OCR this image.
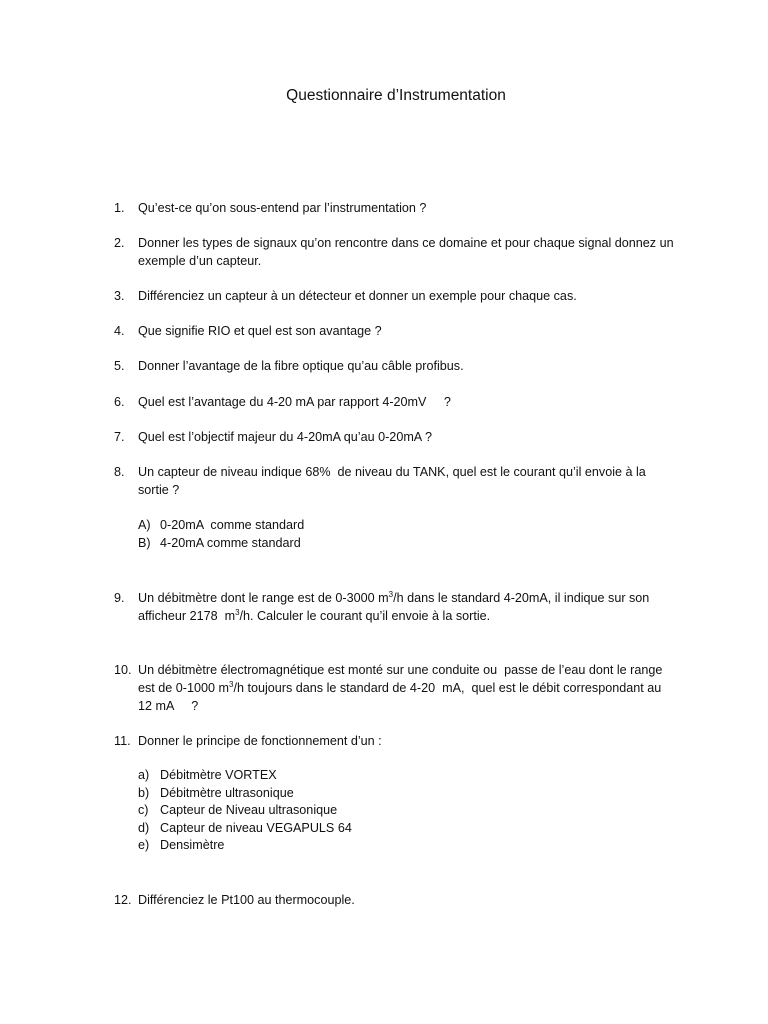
Questionnaire d’Instrumentation
1.	Qu’est-ce qu’on sous-entend par l’instrumentation ?
2.	Donner les types de signaux qu’on rencontre dans ce domaine et pour chaque signal donnez un exemple d’un capteur.
3.	Différenciez un capteur à un détecteur et donner un exemple pour chaque cas.
4.	Que signifie RIO et quel est son avantage ?
5.	Donner l’avantage de la fibre optique qu’au câble profibus.
6.	Quel est l’avantage du 4-20 mA par rapport 4-20mV     ?
7.	Quel est l’objectif majeur du 4-20mA qu’au 0-20mA ?
8.	Un capteur de niveau indique 68%  de niveau du TANK, quel est le courant qu’il envoie à la sortie ?
A) 0-20mA  comme standard
B) 4-20mA comme standard
9.	Un débitmètre dont le range est de 0-3000 $m^3/h$ dans le standard 4-20mA, il indique sur son afficheur 2178  $m^3/h$. Calculer le courant qu’il envoie à la sortie.
10. Un débitmètre électromagnétique est monté sur une conduite ou  passe de l’eau dont le range est de 0-1000 $m^3/h$ toujours dans le standard de 4-20  mA,  quel est le débit correspondant au 12 mA     ?
11. Donner le principe de fonctionnement d’un :
a) Débitmètre VORTEX
b) Débitmètre ultrasonique
c) Capteur de Niveau ultrasonique
d) Capteur de niveau VEGAPULS 64
e) Densimètre
12. Différenciez le Pt100 au thermocouple.
